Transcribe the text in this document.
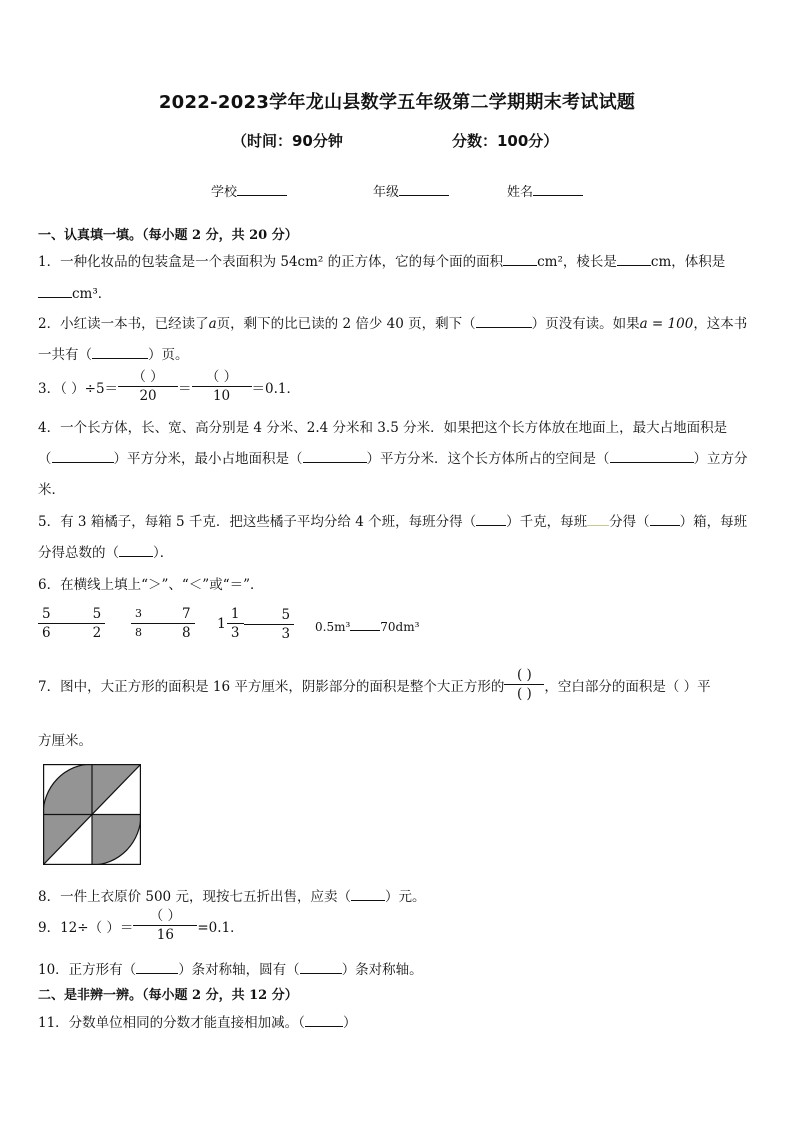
2022-2023学年龙山县数学五年级第二学期期末考试试题
（时间：90分钟	分数：100分）
学校	年级	姓名
一、认真填一填。（每小题 2 分，共 20 分）
1．一种化妆品的包装盒是一个表面积为 54cm² 的正方体，它的每个面的面积	cm²，棱长是	cm，体积是
cm³．
2．小红读一本书，已经读了a页，剩下的比已读的 2 倍少 40 页，剩下（	）页没有读。如果a = 100，这本书
一共有（	）页。
3．（ ）$\div 5= \frac{( )}{20} = \frac{( )}{10} =0.1$．
4．一个长方体，长、宽、高分别是 4 分米、2.4 分米和 3.5 分米．如果把这个长方体放在地面上，最大占地面积是
（	）平方分米，最小占地面积是（	）平方分米．这个长方体所占的空间是（	）立方分
米．
5．有 3 箱橘子，每箱 5 千克．把这些橘子平均分给 4 个班，每班分得（ ）千克，每班 分得（ ）箱，每班
分得总数的（	）．
6．在横线上填上“＞”、“＜”或“＝”．
$\frac{5}{6}$	$\frac{5}{2} \frac{3}{8} \frac{7}{8} 1 \frac{1}{3}$	$\frac{5}{3} 0.5m^3$	70dm³
7．图中，大正方形的面积是 16 平方厘米，阴影部分的面积是整个大正方形的 $\frac{( )}{( )}$ ，空白部分的面积是（ ）平
方厘米。
8．一件上衣原价 500 元，现按七五折出售，应卖（	）元。
9．12÷（ ）＝ $\frac{( )}{16} =0.1$．
10．正方形有（	）条对称轴，圆有（	）条对称轴。
二、是非辨一辨。（每小题 2 分，共 12 分）
11．分数单位相同的分数才能直接相加减。（	）
